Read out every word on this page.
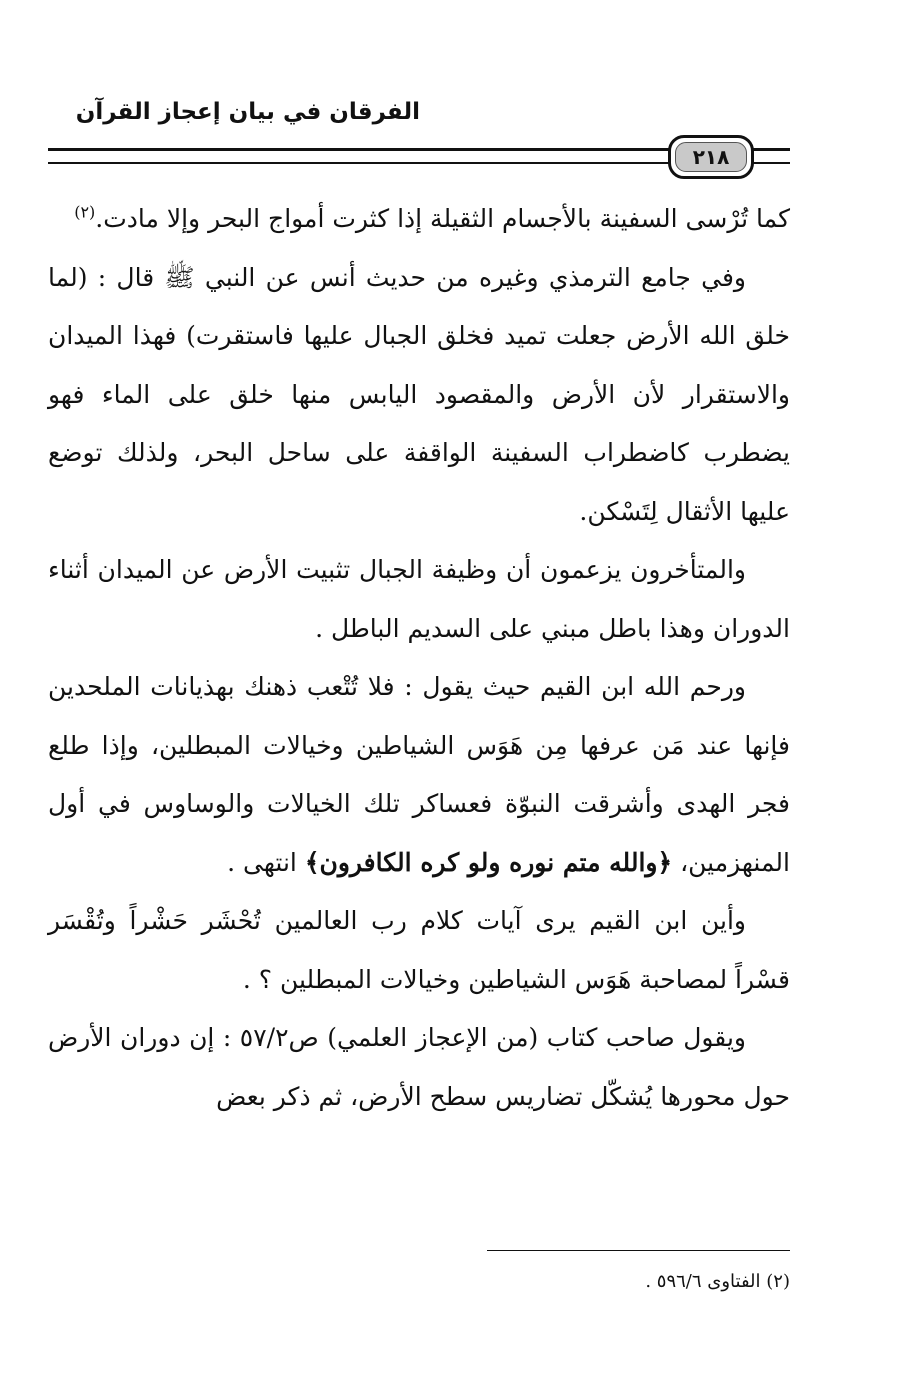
الفرقان في بيان إعجاز القرآن
٢١٨

كما تُرْسى السفينة بالأجسام الثقيلة إذا كثرت أمواج البحر وإلا مادت.$^{(٢)}$

وفي جامع الترمذي وغيره من حديث أنس عن النبي ﷺ قال : (لما خلق الله الأرض جعلت تميد فخلق الجبال عليها فاستقرت) فهذا الميدان والاستقرار لأن الأرض والمقصود اليابس منها خلق على الماء فهو يضطرب كاضطراب السفينة الواقفة على ساحل البحر، ولذلك توضع عليها الأثقال لِتَسْكن.

والمتأخرون يزعمون أن وظيفة الجبال تثبيت الأرض عن الميدان أثناء الدوران وهذا باطل مبني على السديم الباطل .

ورحم الله ابن القيم حيث يقول : فلا تُتْعب ذهنك بهذيانات الملحدين فإنها عند مَن عرفها مِن هَوَس الشياطين وخيالات المبطلين، وإذا طلع فجر الهدى وأشرقت النبوّة فعساكر تلك الخيالات والوساوس في أول المنهزمين، ﴿والله متم نوره ولو كره الكافرون﴾ انتهى .

وأين ابن القيم يرى آيات كلام رب العالمين تُحْشَر حَشْراً وتُقْسَر قسْراً لمصاحبة هَوَس الشياطين وخيالات المبطلين ؟ .

ويقول صاحب كتاب (من الإعجاز العلمي) ص٥٧/٢ : إن دوران الأرض حول محورها يُشكّل تضاريس سطح الأرض، ثم ذكر بعض

(٢) الفتاوى ٥٩٦/٦ .
